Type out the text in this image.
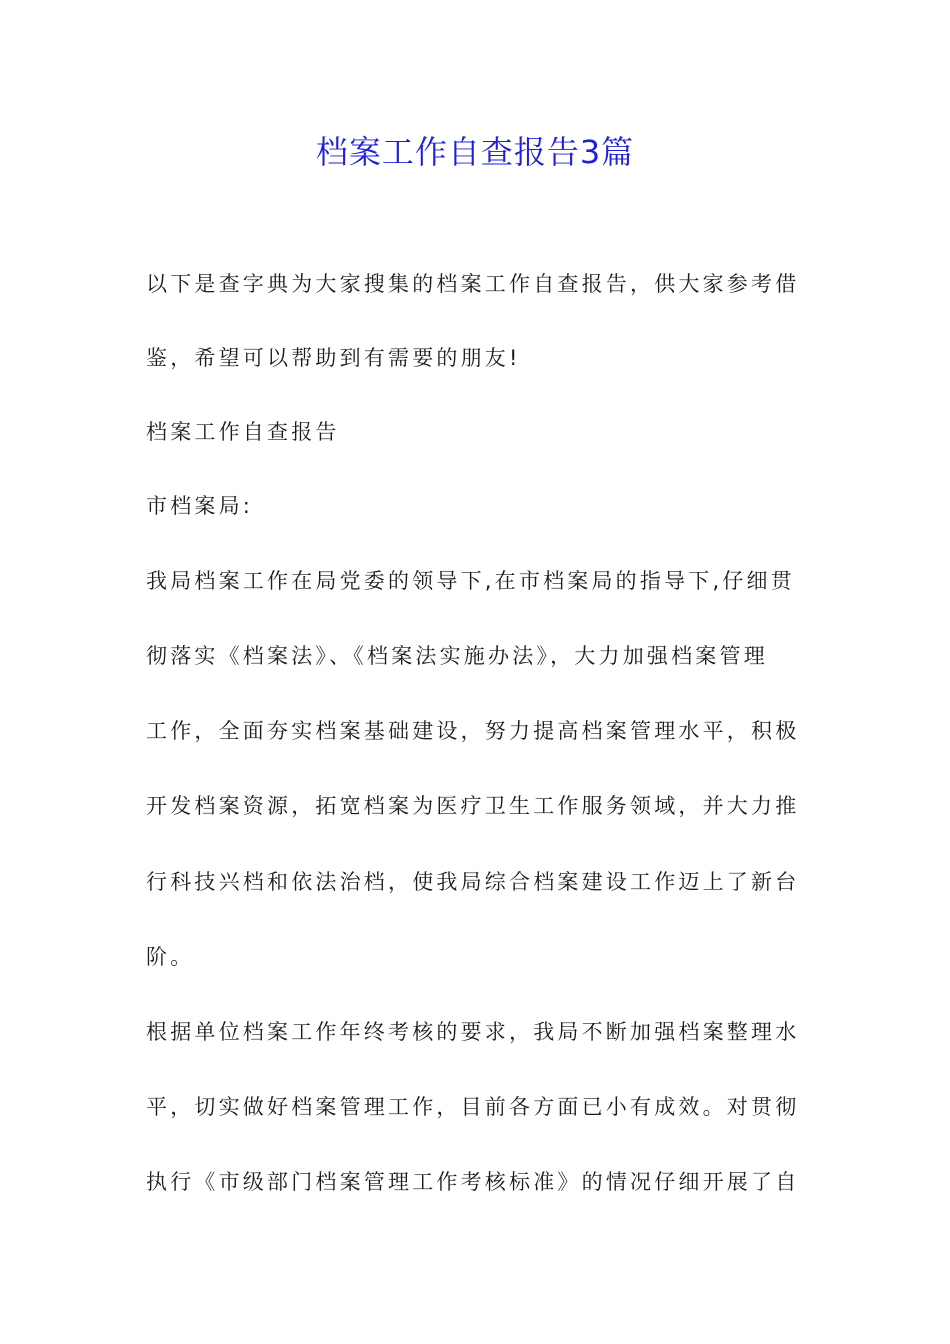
档案工作自查报告3篇
以下是查字典为大家搜集的档案工作自查报告，供大家参考借
鉴，希望可以帮助到有需要的朋友!
档案工作自查报告
市档案局:
我局档案工作在局党委的领导下,在市档案局的指导下,仔细贯
彻落实《档案法》、《档案法实施办法》，大力加强档案管理
工作，全面夯实档案基础建设，努力提高档案管理水平，积极
开发档案资源，拓宽档案为医疗卫生工作服务领域，并大力推
行科技兴档和依法治档，使我局综合档案建设工作迈上了新台
阶。
根据单位档案工作年终考核的要求，我局不断加强档案整理水
平，切实做好档案管理工作，目前各方面已小有成效。对贯彻
执行《市级部门档案管理工作考核标准》的情况仔细开展了自
